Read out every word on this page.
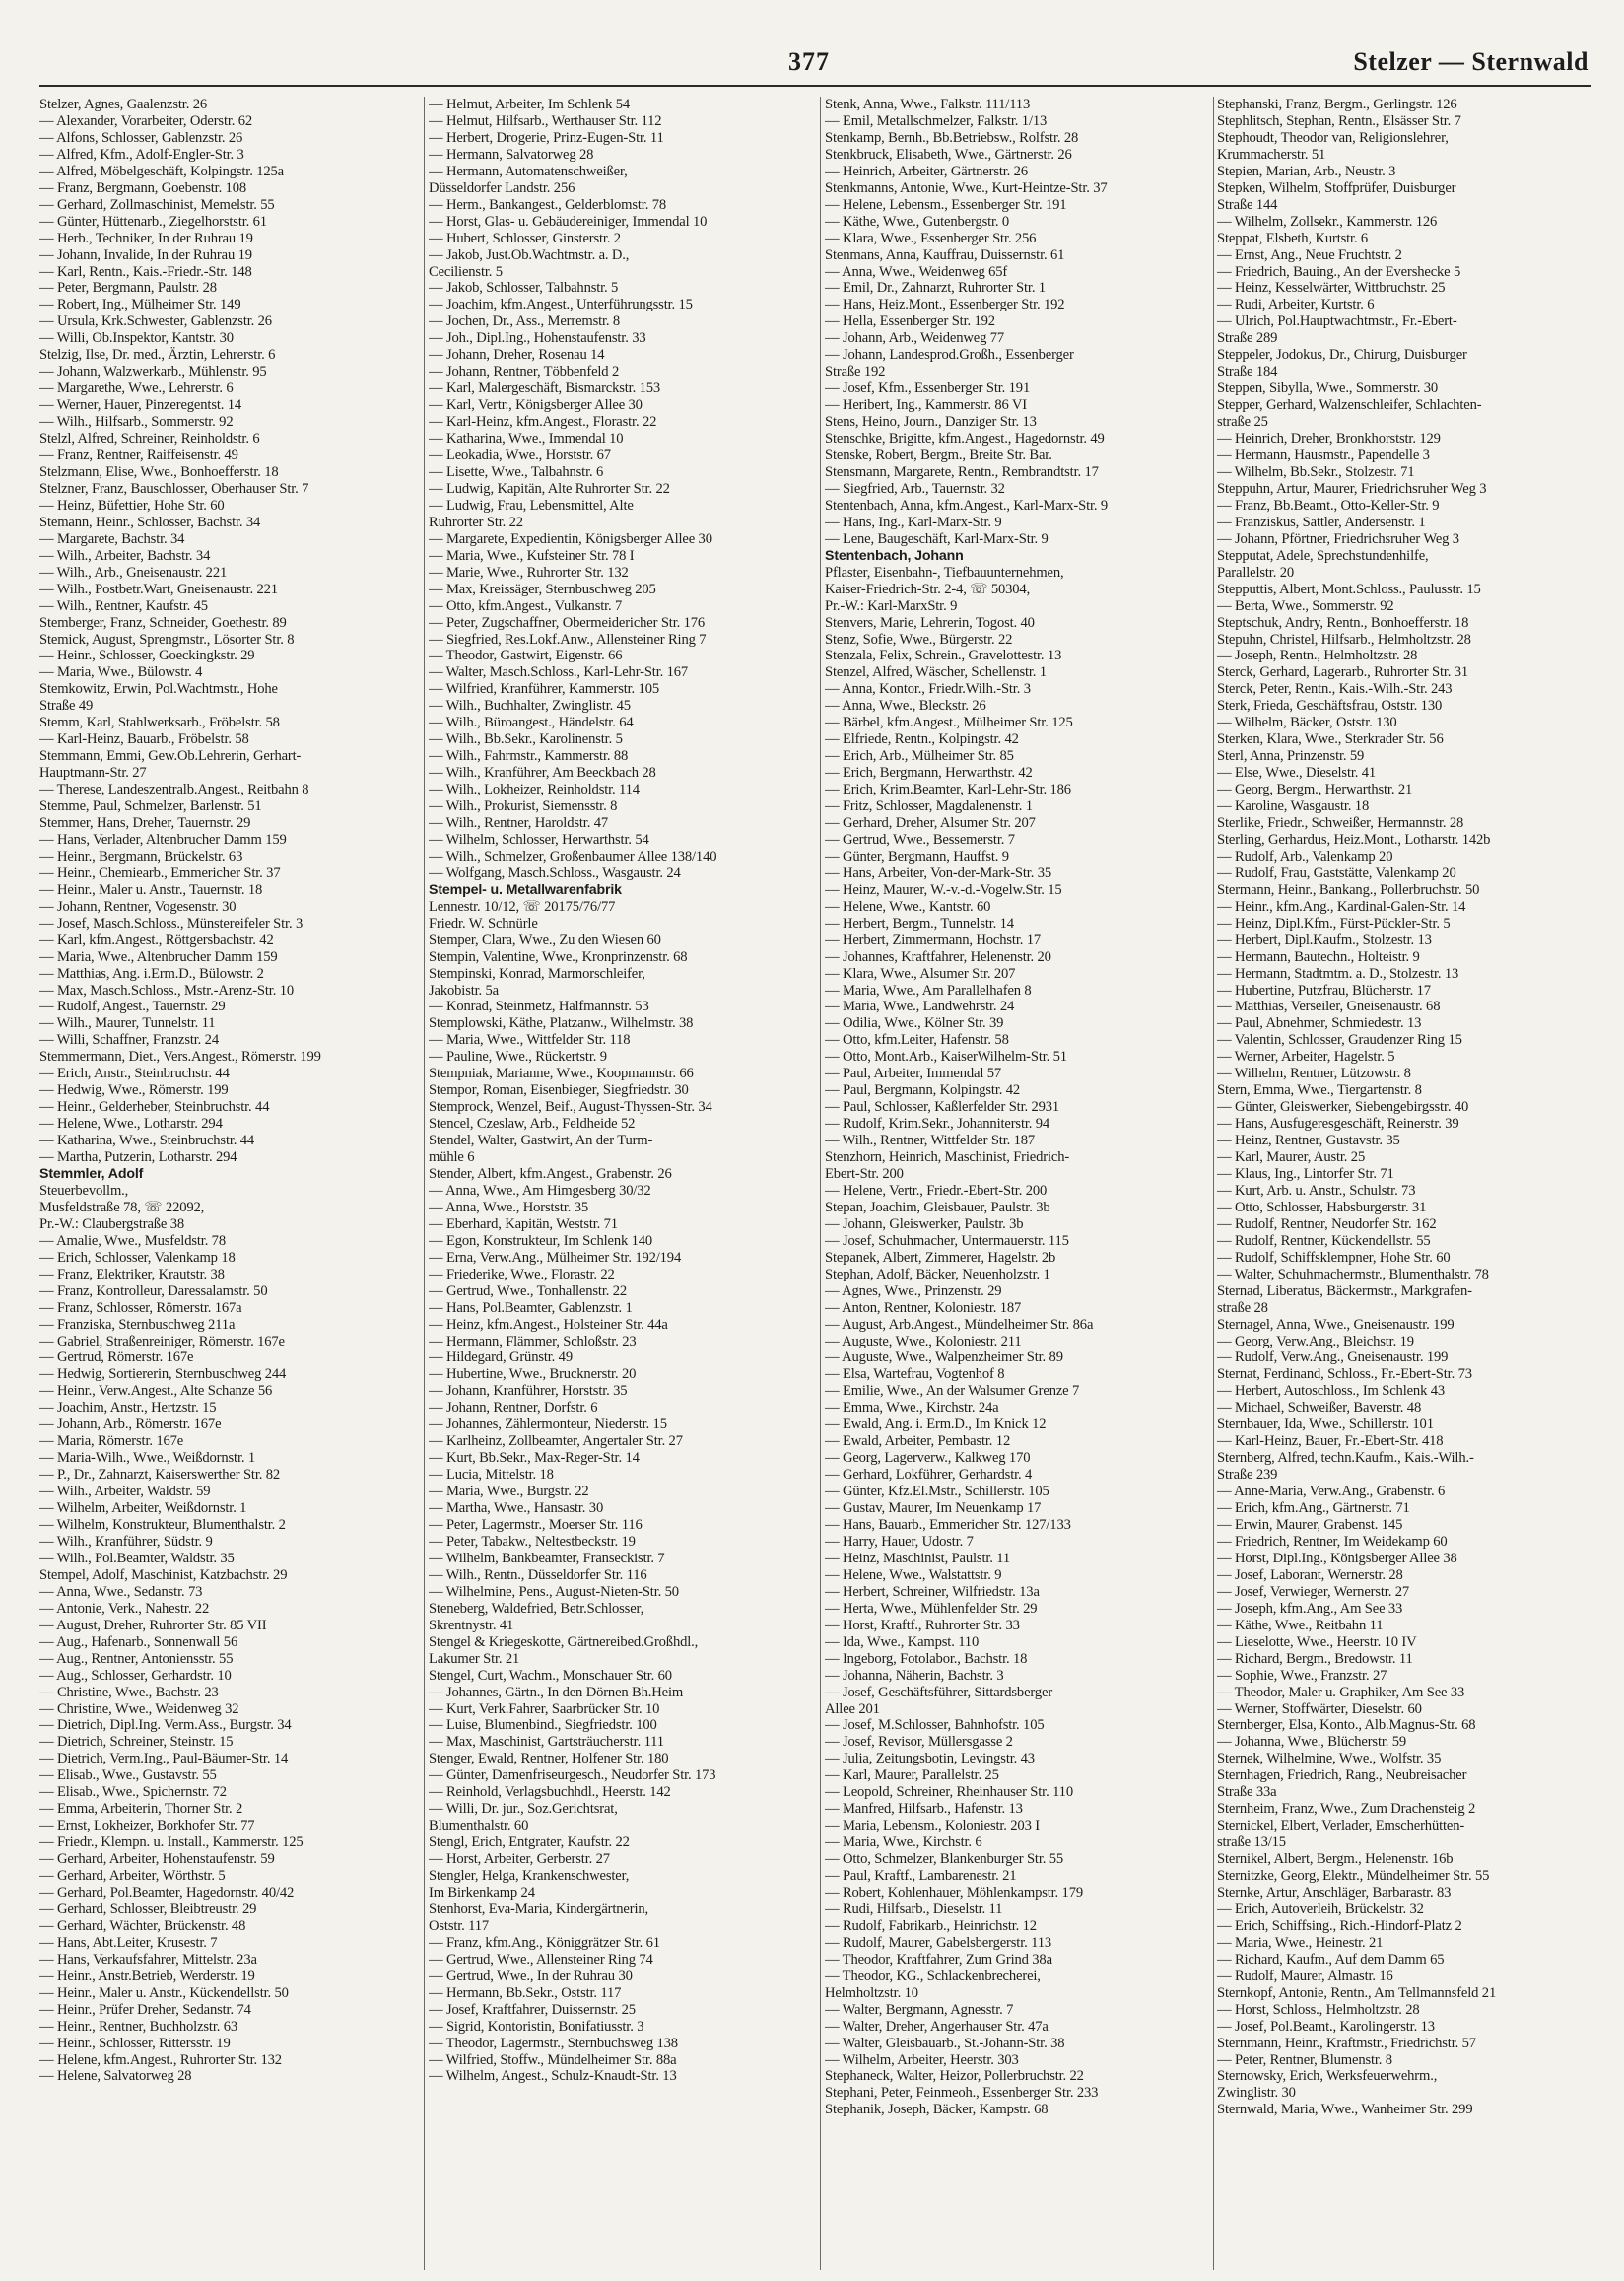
377	Stelzer — Sternwald
Stelzer, Agnes, Gaalenzstr. 26
— Alexander, Vorarbeiter, Oderstr. 62
— Alfons, Schlosser, Gablenzstr. 26
— Alfred, Kfm., Adolf-Engler-Str. 3
— Alfred, Möbelgeschäft, Kolpingstr. 125a
— Franz, Bergmann, Goebenstr. 108
— Gerhard, Zollmaschinist, Memelstr. 55
— Günter, Hüttenarb., Ziegelhorststr. 61
— Herb., Techniker, In der Ruhrau 19
— Johann, Invalide, In der Ruhrau 19
— Karl, Rentn., Kais.-Friedr.-Str. 148
— Peter, Bergmann, Paulstr. 28
— Robert, Ing., Mülheimer Str. 149
— Ursula, Krk.Schwester, Gablenzstr. 26
— Willi, Ob.Inspektor, Kantstr. 30
Stelzig, Ilse, Dr. med., Ärztin, Lehrerstr. 6
— Johann, Walzwerkarb., Mühlenstr. 95
— Margarethe, Wwe., Lehrerstr. 6
— Werner, Hauer, Pinzeregentst. 14
— Wilh., Hilfsarb., Sommerstr. 92
Stelzl, Alfred, Schreiner, Reinholdstr. 6
— Franz, Rentner, Raiffeisenstr. 49
Stelzmann, Elise, Wwe., Bonhoefferstr. 18
Stelzner, Franz, Bauschlosser, Oberhauser Str. 7
— Heinz, Büfettier, Hohe Str. 60
Stemann, Heinr., Schlosser, Bachstr. 34
— Margarete, Bachstr. 34
— Wilh., Arbeiter, Bachstr. 34
— Wilh., Arb., Gneisenaustr. 221
— Wilh., Postbetr.Wart, Gneisenaustr. 221
— Wilh., Rentner, Kaufstr. 45
Stemberger, Franz, Schneider, Goethestr. 89
Stemick, August, Sprengmstr., Lösorter Str. 8
— Heinr., Schlosser, Goeckingkstr. 29
— Maria, Wwe., Bülowstr. 4
Stemkowitz, Erwin, Pol.Wachtmstr., Hohe
Straße 49
Stemm, Karl, Stahlwerksarb., Fröbelstr. 58
— Karl-Heinz, Bauarb., Fröbelstr. 58
Stemmann, Emmi, Gew.Ob.Lehrerin, Gerhart-
Hauptmann-Str. 27
— Therese, Landeszentralb.Angest., Reitbahn 8
Stemme, Paul, Schmelzer, Barlenstr. 51
Stemmer, Hans, Dreher, Tauernstr. 29
— Hans, Verlader, Altenbrucher Damm 159
— Heinr., Bergmann, Brückelstr. 63
— Heinr., Chemiearb., Emmericher Str. 37
— Heinr., Maler u. Anstr., Tauernstr. 18
— Johann, Rentner, Vogesenstr. 30
— Josef, Masch.Schloss., Münstereifeler Str. 3
— Karl, kfm.Angest., Röttgersbachstr. 42
— Maria, Wwe., Altenbrucher Damm 159
— Matthias, Ang. i.Erm.D., Bülowstr. 2
— Max, Masch.Schloss., Mstr.-Arenz-Str. 10
— Rudolf, Angest., Tauernstr. 29
— Wilh., Maurer, Tunnelstr. 11
— Willi, Schaffner, Franzstr. 24
Stemmermann, Diet., Vers.Angest., Römerstr. 199
— Erich, Anstr., Steinbruchstr. 44
— Hedwig, Wwe., Römerstr. 199
— Heinr., Gelderheber, Steinbruchstr. 44
— Helene, Wwe., Lotharstr. 294
— Katharina, Wwe., Steinbruchstr. 44
— Martha, Putzerin, Lotharstr. 294
Stemmler, Adolf
Steuerbevollm.,
Musfeldstraße 78, ☏ 22092,
Pr.-W.: Claubergstraße 38
— Amalie, Wwe., Musfeldstr. 78
— Erich, Schlosser, Valenkamp 18
— Franz, Elektriker, Krautstr. 38
— Franz, Kontrolleur, Daressalamstr. 50
— Franz, Schlosser, Römerstr. 167a
— Franziska, Sternbuschweg 211a
— Gabriel, Straßenreiniger, Römerstr. 167e
— Gertrud, Römerstr. 167e
— Hedwig, Sortiererin, Sternbuschweg 244
— Heinr., Verw.Angest., Alte Schanze 56
— Joachim, Anstr., Hertzstr. 15
— Johann, Arb., Römerstr. 167e
— Maria, Römerstr. 167e
— Maria-Wilh., Wwe., Weißdornstr. 1
— P., Dr., Zahnarzt, Kaiserswerther Str. 82
— Wilh., Arbeiter, Waldstr. 59
— Wilhelm, Arbeiter, Weißdornstr. 1
— Wilhelm, Konstrukteur, Blumenthalstr. 2
— Wilh., Kranführer, Südstr. 9
— Wilh., Pol.Beamter, Waldstr. 35
Stempel, Adolf, Maschinist, Katzbachstr. 29
— Anna, Wwe., Sedanstr. 73
— Antonie, Verk., Nahestr. 22
— August, Dreher, Ruhrorter Str. 85 VII
— Aug., Hafenarb., Sonnenwall 56
— Aug., Rentner, Antoniensstr. 55
— Aug., Schlosser, Gerhardstr. 10
— Christine, Wwe., Bachstr. 23
— Christine, Wwe., Weidenweg 32
— Dietrich, Dipl.Ing. Verm.Ass., Burgstr. 34
— Dietrich, Schreiner, Steinstr. 15
— Dietrich, Verm.Ing., Paul-Bäumer-Str. 14
— Elisab., Wwe., Gustavstr. 55
— Elisab., Wwe., Spichernstr. 72
— Emma, Arbeiterin, Thorner Str. 2
— Ernst, Lokheizer, Borkhofer Str. 77
— Friedr., Klempn. u. Install., Kammerstr. 125
— Gerhard, Arbeiter, Hohenstaufenstr. 59
— Gerhard, Arbeiter, Wörthstr. 5
— Gerhard, Pol.Beamter, Hagedornstr. 40/42
— Gerhard, Schlosser, Bleibtreustr. 29
— Gerhard, Wächter, Brückenstr. 48
— Hans, Abt.Leiter, Krusestr. 7
— Hans, Verkaufsfahrer, Mittelstr. 23a
— Heinr., Anstr.Betrieb, Werderstr. 19
— Heinr., Maler u. Anstr., Kückendellstr. 50
— Heinr., Prüfer Dreher, Sedanstr. 74
— Heinr., Rentner, Buchholzstr. 63
— Heinr., Schlosser, Rittersstr. 19
— Helene, kfm.Angest., Ruhrorter Str. 132
— Helene, Salvatorweg 28
— Helmut, Arbeiter, Im Schlenk 54
— Helmut, Hilfsarb., Werthauser Str. 112
— Herbert, Drogerie, Prinz-Eugen-Str. 11
— Hermann, Salvatorweg 28
— Hermann, Automatenschweißer,
Düsseldorfer Landstr. 256
— Herm., Bankangest., Gelderblomstr. 78
— Horst, Glas- u. Gebäudereiniger, Immendal 10
— Hubert, Schlosser, Ginsterstr. 2
— Jakob, Just.Ob.Wachtmstr. a. D.,
Cecilienstr. 5
— Jakob, Schlosser, Talbahnstr. 5
— Joachim, kfm.Angest., Unterführungsstr. 15
— Jochen, Dr., Ass., Merremstr. 8
— Joh., Dipl.Ing., Hohenstaufenstr. 33
— Johann, Dreher, Rosenau 14
— Johann, Rentner, Többenfeld 2
— Karl, Malergeschäft, Bismarckstr. 153
— Karl, Vertr., Königsberger Allee 30
— Karl-Heinz, kfm.Angest., Florastr. 22
— Katharina, Wwe., Immendal 10
— Leokadia, Wwe., Horststr. 67
— Lisette, Wwe., Talbahnstr. 6
— Ludwig, Kapitän, Alte Ruhrorter Str. 22
— Ludwig, Frau, Lebensmittel, Alte
Ruhrorter Str. 22
— Margarete, Expedientin, Königsberger Allee 30
— Maria, Wwe., Kufsteiner Str. 78 I
— Marie, Wwe., Ruhrorter Str. 132
— Max, Kreissäger, Sternbuschweg 205
— Otto, kfm.Angest., Vulkanstr. 7
— Peter, Zugschaffner, Obermeidericher Str. 176
— Siegfried, Res.Lokf.Anw., Allensteiner Ring 7
— Theodor, Gastwirt, Eigenstr. 66
— Walter, Masch.Schloss., Karl-Lehr-Str. 167
— Wilfried, Kranführer, Kammerstr. 105
— Wilh., Buchhalter, Zwinglistr. 45
— Wilh., Büroangest., Händelstr. 64
— Wilh., Bb.Sekr., Karolinenstr. 5
— Wilh., Fahrmstr., Kammerstr. 88
— Wilh., Kranführer, Am Beeckbach 28
— Wilh., Lokheizer, Reinholdstr. 114
— Wilh., Prokurist, Siemensstr. 8
— Wilh., Rentner, Haroldstr. 47
— Wilhelm, Schlosser, Herwarthstr. 54
— Wilh., Schmelzer, Großenbaumer Allee 138/140
— Wolfgang, Masch.Schloss., Wasgaustr. 24
Stempel- u. Metallwarenfabrik
Lennestr. 10/12, ☏ 20175/76/77
Friedr. W. Schnürle
Stemper, Clara, Wwe., Zu den Wiesen 60
Stempin, Valentine, Wwe., Kronprinzenstr. 68
Stempinski, Konrad, Marmorschleifer,
Jakobistr. 5a
— Konrad, Steinmetz, Halfmannstr. 53
Stemplowski, Käthe, Platzanw., Wilhelmstr. 38
— Maria, Wwe., Wittfelder Str. 118
— Pauline, Wwe., Rückertstr. 9
Stempniak, Marianne, Wwe., Koopmannstr. 66
Stempor, Roman, Eisenbieger, Siegfriedstr. 30
Stemprock, Wenzel, Beif., August-Thyssen-Str. 34
Stencel, Czeslaw, Arb., Feldheide 52
Stendel, Walter, Gastwirt, An der Turm-
mühle 6
Stender, Albert, kfm.Angest., Grabenstr. 26
— Anna, Wwe., Am Himgesberg 30/32
— Anna, Wwe., Horststr. 35
— Eberhard, Kapitän, Weststr. 71
— Egon, Konstrukteur, Im Schlenk 140
— Erna, Verw.Ang., Mülheimer Str. 192/194
— Friederike, Wwe., Florastr. 22
— Gertrud, Wwe., Tonhallenstr. 22
— Hans, Pol.Beamter, Gablenzstr. 1
— Heinz, kfm.Angest., Holsteiner Str. 44a
— Hermann, Flämmer, Schloßstr. 23
— Hildegard, Grünstr. 49
— Hubertine, Wwe., Brucknerstr. 20
— Johann, Kranführer, Horststr. 35
— Johann, Rentner, Dorfstr. 6
— Johannes, Zählermonteur, Niederstr. 15
— Karlheinz, Zollbeamter, Angertaler Str. 27
— Kurt, Bb.Sekr., Max-Reger-Str. 14
— Lucia, Mittelstr. 18
— Maria, Wwe., Burgstr. 22
— Martha, Wwe., Hansastr. 30
— Peter, Lagermstr., Moerser Str. 116
— Peter, Tabakw., Neltestbeckstr. 19
— Wilhelm, Bankbeamter, Franseckistr. 7
— Wilh., Rentn., Düsseldorfer Str. 116
— Wilhelmine, Pens., August-Nieten-Str. 50
Steneberg, Waldefried, Betr.Schlosser,
Skrentnystr. 41
Stengel & Kriegeskotte, Gärtnereibed.Großhdl.,
Lakumer Str. 21
Stengel, Curt, Wachm., Monschauer Str. 60
— Johannes, Gärtn., In den Dörnen Bh.Heim
— Kurt, Verk.Fahrer, Saarbrücker Str. 10
— Luise, Blumenbind., Siegfriedstr. 100
— Max, Maschinist, Gartsträucherstr. 111
Stenger, Ewald, Rentner, Holfener Str. 180
— Günter, Damenfriseurgesch., Neudorfer Str. 173
— Reinhold, Verlagsbuchhdl., Heerstr. 142
— Willi, Dr. jur., Soz.Gerichtsrat,
Blumenthalstr. 60
Stengl, Erich, Entgrater, Kaufstr. 22
— Horst, Arbeiter, Gerberstr. 27
Stengler, Helga, Krankenschwester,
Im Birkenkamp 24
Stenhorst, Eva-Maria, Kindergärtnerin,
Oststr. 117
— Franz, kfm.Ang., Königgrätzer Str. 61
— Gertrud, Wwe., Allensteiner Ring 74
— Gertrud, Wwe., In der Ruhrau 30
— Hermann, Bb.Sekr., Oststr. 117
— Josef, Kraftfahrer, Duissernstr. 25
— Sigrid, Kontoristin, Bonifatiusstr. 3
— Theodor, Lagermstr., Sternbuchsweg 138
— Wilfried, Stoffw., Mündelheimer Str. 88a
— Wilhelm, Angest., Schulz-Knaudt-Str. 13
Stenk, Anna, Wwe., Falkstr. 111/113
— Emil, Metallschmelzer, Falkstr. 1/13
Stenkamp, Bernh., Bb.Betriebsw., Rolfstr. 28
Stenkbruck, Elisabeth, Wwe., Gärtnerstr. 26
— Heinrich, Arbeiter, Gärtnerstr. 26
Stenkmanns, Antonie, Wwe., Kurt-Heintze-Str. 37
— Helene, Lebensm., Essenberger Str. 191
— Käthe, Wwe., Gutenbergstr. 0
— Klara, Wwe., Essenberger Str. 256
Stenmans, Anna, Kauffrau, Duissernstr. 61
— Anna, Wwe., Weidenweg 65f
— Emil, Dr., Zahnarzt, Ruhrorter Str. 1
— Hans, Heiz.Mont., Essenberger Str. 192
— Hella, Essenberger Str. 192
— Johann, Arb., Weidenweg 77
— Johann, Landesprod.Großh., Essenberger
Straße 192
— Josef, Kfm., Essenberger Str. 191
— Heribert, Ing., Kammerstr. 86 VI
Stens, Heino, Journ., Danziger Str. 13
Stenschke, Brigitte, kfm.Angest., Hagedornstr. 49
Stenske, Robert, Bergm., Breite Str. Bar.
Stensmann, Margarete, Rentn., Rembrandtstr. 17
— Siegfried, Arb., Tauernstr. 32
Stentenbach, Anna, kfm.Angest., Karl-Marx-Str. 9
— Hans, Ing., Karl-Marx-Str. 9
— Lene, Baugeschäft, Karl-Marx-Str. 9
Stentenbach, Johann
Pflaster, Eisenbahn-, Tiefbauunternehmen,
Kaiser-Friedrich-Str. 2-4, ☏ 50304,
Pr.-W.: Karl-MarxStr. 9
Stenvers, Marie, Lehrerin, Togost. 40
Stenz, Sofie, Wwe., Bürgerstr. 22
Stenzala, Felix, Schrein., Gravelottestr. 13
Stenzel, Alfred, Wäscher, Schellenstr. 1
— Anna, Kontor., Friedr.Wilh.-Str. 3
— Anna, Wwe., Bleckstr. 26
— Bärbel, kfm.Angest., Mülheimer Str. 125
— Elfriede, Rentn., Kolpingstr. 42
— Erich, Arb., Mülheimer Str. 85
— Erich, Bergmann, Herwarthstr. 42
— Erich, Krim.Beamter, Karl-Lehr-Str. 186
— Fritz, Schlosser, Magdalenenstr. 1
— Gerhard, Dreher, Alsumer Str. 207
— Gertrud, Wwe., Bessemerstr. 7
— Günter, Bergmann, Hauffst. 9
— Hans, Arbeiter, Von-der-Mark-Str. 35
— Heinz, Maurer, W.-v.-d.-Vogelw.Str. 15
— Helene, Wwe., Kantstr. 60
— Herbert, Bergm., Tunnelstr. 14
— Herbert, Zimmermann, Hochstr. 17
— Johannes, Kraftfahrer, Helenenstr. 20
— Klara, Wwe., Alsumer Str. 207
— Maria, Wwe., Am Parallelhafen 8
— Maria, Wwe., Landwehrstr. 24
— Odilia, Wwe., Kölner Str. 39
— Otto, kfm.Leiter, Hafenstr. 58
— Otto, Mont.Arb., KaiserWilhelm-Str. 51
— Paul, Arbeiter, Immendal 57
— Paul, Bergmann, Kolpingstr. 42
— Paul, Schlosser, Kaßlerfelder Str. 2931
— Rudolf, Krim.Sekr., Johanniterstr. 94
— Wilh., Rentner, Wittfelder Str. 187
Stenzhorn, Heinrich, Maschinist, Friedrich-
Ebert-Str. 200
— Helene, Vertr., Friedr.-Ebert-Str. 200
Stepan, Joachim, Gleisbauer, Paulstr. 3b
— Johann, Gleiswerker, Paulstr. 3b
— Josef, Schuhmacher, Untermauerstr. 115
Stepanek, Albert, Zimmerer, Hagelstr. 2b
Stephan, Adolf, Bäcker, Neuenholzstr. 1
— Agnes, Wwe., Prinzenstr. 29
— Anton, Rentner, Koloniestr. 187
— August, Arb.Angest., Mündelheimer Str. 86a
— Auguste, Wwe., Koloniestr. 211
— Auguste, Wwe., Walpenzheimer Str. 89
— Elsa, Wartefrau, Vogtenhof 8
— Emilie, Wwe., An der Walsumer Grenze 7
— Emma, Wwe., Kirchstr. 24a
— Ewald, Ang. i. Erm.D., Im Knick 12
— Ewald, Arbeiter, Pembastr. 12
— Georg, Lagerverw., Kalkweg 170
— Gerhard, Lokführer, Gerhardstr. 4
— Günter, Kfz.El.Mstr., Schillerstr. 105
— Gustav, Maurer, Im Neuenkamp 17
— Hans, Bauarb., Emmericher Str. 127/133
— Harry, Hauer, Udostr. 7
— Heinz, Maschinist, Paulstr. 11
— Helene, Wwe., Walstattstr. 9
— Herbert, Schreiner, Wilfriedstr. 13a
— Herta, Wwe., Mühlenfelder Str. 29
— Horst, Kraftf., Ruhrorter Str. 33
— Ida, Wwe., Kampst. 110
— Ingeborg, Fotolabor., Bachstr. 18
— Johanna, Näherin, Bachstr. 3
— Josef, Geschäftsführer, Sittardsberger
Allee 201
— Josef, M.Schlosser, Bahnhofstr. 105
— Josef, Revisor, Müllersgasse 2
— Julia, Zeitungsbotin, Levingstr. 43
— Karl, Maurer, Parallelstr. 25
— Leopold, Schreiner, Rheinhauser Str. 110
— Manfred, Hilfsarb., Hafenstr. 13
— Maria, Lebensm., Koloniestr. 203 I
— Maria, Wwe., Kirchstr. 6
— Otto, Schmelzer, Blankenburger Str. 55
— Paul, Kraftf., Lambarenestr. 21
— Robert, Kohlenhauer, Möhlenkampstr. 179
— Rudi, Hilfsarb., Dieselstr. 11
— Rudolf, Fabrikarb., Heinrichstr. 12
— Rudolf, Maurer, Gabelsbergerstr. 113
— Theodor, Kraftfahrer, Zum Grind 38a
— Theodor, KG., Schlackenbrecherei,
Helmholtzstr. 10
— Walter, Bergmann, Agnesstr. 7
— Walter, Dreher, Angerhauser Str. 47a
— Walter, Gleisbauarb., St.-Johann-Str. 38
— Wilhelm, Arbeiter, Heerstr. 303
Stephaneck, Walter, Heizor, Pollerbruchstr. 22
Stephani, Peter, Feinmeoh., Essenberger Str. 233
Stephanik, Joseph, Bäcker, Kampstr. 68
Stephanski, Franz, Bergm., Gerlingstr. 126
Stephlitsch, Stephan, Rentn., Elsässer Str. 7
Stephoudt, Theodor van, Religionslehrer,
Krummacherstr. 51
Stepien, Marian, Arb., Neustr. 3
Stepken, Wilhelm, Stoffprüfer, Duisburger
Straße 144
— Wilhelm, Zollsekr., Kammerstr. 126
Steppat, Elsbeth, Kurtstr. 6
— Ernst, Ang., Neue Fruchtstr. 2
— Friedrich, Bauing., An der Evershecke 5
— Heinz, Kesselwärter, Wittbruchstr. 25
— Rudi, Arbeiter, Kurtstr. 6
— Ulrich, Pol.Hauptwachtmstr., Fr.-Ebert-
Straße 289
Steppeler, Jodokus, Dr., Chirurg, Duisburger
Straße 184
Steppen, Sibylla, Wwe., Sommerstr. 30
Stepper, Gerhard, Walzenschleifer, Schlachten-
straße 25
— Heinrich, Dreher, Bronkhorststr. 129
— Hermann, Hausmstr., Papendelle 3
— Wilhelm, Bb.Sekr., Stolzestr. 71
Steppuhn, Artur, Maurer, Friedrichsruher Weg 3
— Franz, Bb.Beamt., Otto-Keller-Str. 9
— Franziskus, Sattler, Andersenstr. 1
— Johann, Pförtner, Friedrichsruher Weg 3
Stepputat, Adele, Sprechstundenhilfe,
Parallelstr. 20
Stepputtis, Albert, Mont.Schloss., Paulusstr. 15
— Berta, Wwe., Sommerstr. 92
Steptschuk, Andry, Rentn., Bonhoefferstr. 18
Stepuhn, Christel, Hilfsarb., Helmholtzstr. 28
— Joseph, Rentn., Helmholtzstr. 28
Sterck, Gerhard, Lagerarb., Ruhrorter Str. 31
Sterck, Peter, Rentn., Kais.-Wilh.-Str. 243
Sterk, Frieda, Geschäftsfrau, Oststr. 130
— Wilhelm, Bäcker, Oststr. 130
Sterken, Klara, Wwe., Sterkrader Str. 56
Sterl, Anna, Prinzenstr. 59
— Else, Wwe., Dieselstr. 41
— Georg, Bergm., Herwarthstr. 21
— Karoline, Wasgaustr. 18
Sterlike, Friedr., Schweißer, Hermannstr. 28
Sterling, Gerhardus, Heiz.Mont., Lotharstr. 142b
— Rudolf, Arb., Valenkamp 20
— Rudolf, Frau, Gaststätte, Valenkamp 20
Stermann, Heinr., Bankang., Pollerbruchstr. 50
— Heinr., kfm.Ang., Kardinal-Galen-Str. 14
— Heinz, Dipl.Kfm., Fürst-Pückler-Str. 5
— Herbert, Dipl.Kaufm., Stolzestr. 13
— Hermann, Bautechn., Holteistr. 9
— Hermann, Stadtmtm. a. D., Stolzestr. 13
— Hubertine, Putzfrau, Blücherstr. 17
— Matthias, Verseiler, Gneisenaustr. 68
— Paul, Abnehmer, Schmiedestr. 13
— Valentin, Schlosser, Graudenzer Ring 15
— Werner, Arbeiter, Hagelstr. 5
— Wilhelm, Rentner, Lützowstr. 8
Stern, Emma, Wwe., Tiergartenstr. 8
— Günter, Gleiswerker, Siebengebirgsstr. 40
— Hans, Ausfugeresgeschäft, Reinerstr. 39
— Heinz, Rentner, Gustavstr. 35
— Karl, Maurer, Austr. 25
— Klaus, Ing., Lintorfer Str. 71
— Kurt, Arb. u. Anstr., Schulstr. 73
— Otto, Schlosser, Habsburgerstr. 31
— Rudolf, Rentner, Neudorfer Str. 162
— Rudolf, Rentner, Kückendellstr. 55
— Rudolf, Schiffsklempner, Hohe Str. 60
— Walter, Schuhmachermstr., Blumenthalstr. 78
Sternad, Liberatus, Bäckermstr., Markgrafen-
straße 28
Sternagel, Anna, Wwe., Gneisenaustr. 199
— Georg, Verw.Ang., Bleichstr. 19
— Rudolf, Verw.Ang., Gneisenaustr. 199
Sternat, Ferdinand, Schloss., Fr.-Ebert-Str. 73
— Herbert, Autoschloss., Im Schlenk 43
— Michael, Schweißer, Baverstr. 48
Sternbauer, Ida, Wwe., Schillerstr. 101
— Karl-Heinz, Bauer, Fr.-Ebert-Str. 418
Sternberg, Alfred, techn.Kaufm., Kais.-Wilh.-
Straße 239
— Anne-Maria, Verw.Ang., Grabenstr. 6
— Erich, kfm.Ang., Gärtnerstr. 71
— Erwin, Maurer, Grabenst. 145
— Friedrich, Rentner, Im Weidekamp 60
— Horst, Dipl.Ing., Königsberger Allee 38
— Josef, Laborant, Wernerstr. 28
— Josef, Verwieger, Wernerstr. 27
— Joseph, kfm.Ang., Am See 33
— Käthe, Wwe., Reitbahn 11
— Lieselotte, Wwe., Heerstr. 10 IV
— Richard, Bergm., Bredowstr. 11
— Sophie, Wwe., Franzstr. 27
— Theodor, Maler u. Graphiker, Am See 33
— Werner, Stoffwärter, Dieselstr. 60
Sternberger, Elsa, Konto., Alb.Magnus-Str. 68
— Johanna, Wwe., Blücherstr. 59
Sternek, Wilhelmine, Wwe., Wolfstr. 35
Sternhagen, Friedrich, Rang., Neubreisacher
Straße 33a
Sternheim, Franz, Wwe., Zum Drachensteig 2
Sternickel, Elbert, Verlader, Emscherhütten-
straße 13/15
Sternikel, Albert, Bergm., Helenenstr. 16b
Sternitzke, Georg, Elektr., Mündelheimer Str. 55
Sternke, Artur, Anschläger, Barbarastr. 83
— Erich, Autoverleih, Brückelstr. 32
— Erich, Schiffsing., Rich.-Hindorf-Platz 2
— Maria, Wwe., Heinestr. 21
— Richard, Kaufm., Auf dem Damm 65
— Rudolf, Maurer, Almastr. 16
Sternkopf, Antonie, Rentn., Am Tellmannsfeld 21
— Horst, Schloss., Helmholtzstr. 28
— Josef, Pol.Beamt., Karolingerstr. 13
Sternmann, Heinr., Kraftmstr., Friedrichstr. 57
— Peter, Rentner, Blumenstr. 8
Sternowsky, Erich, Werksfeuerwehrm.,
Zwinglistr. 30
Sternwald, Maria, Wwe., Wanheimer Str. 299
